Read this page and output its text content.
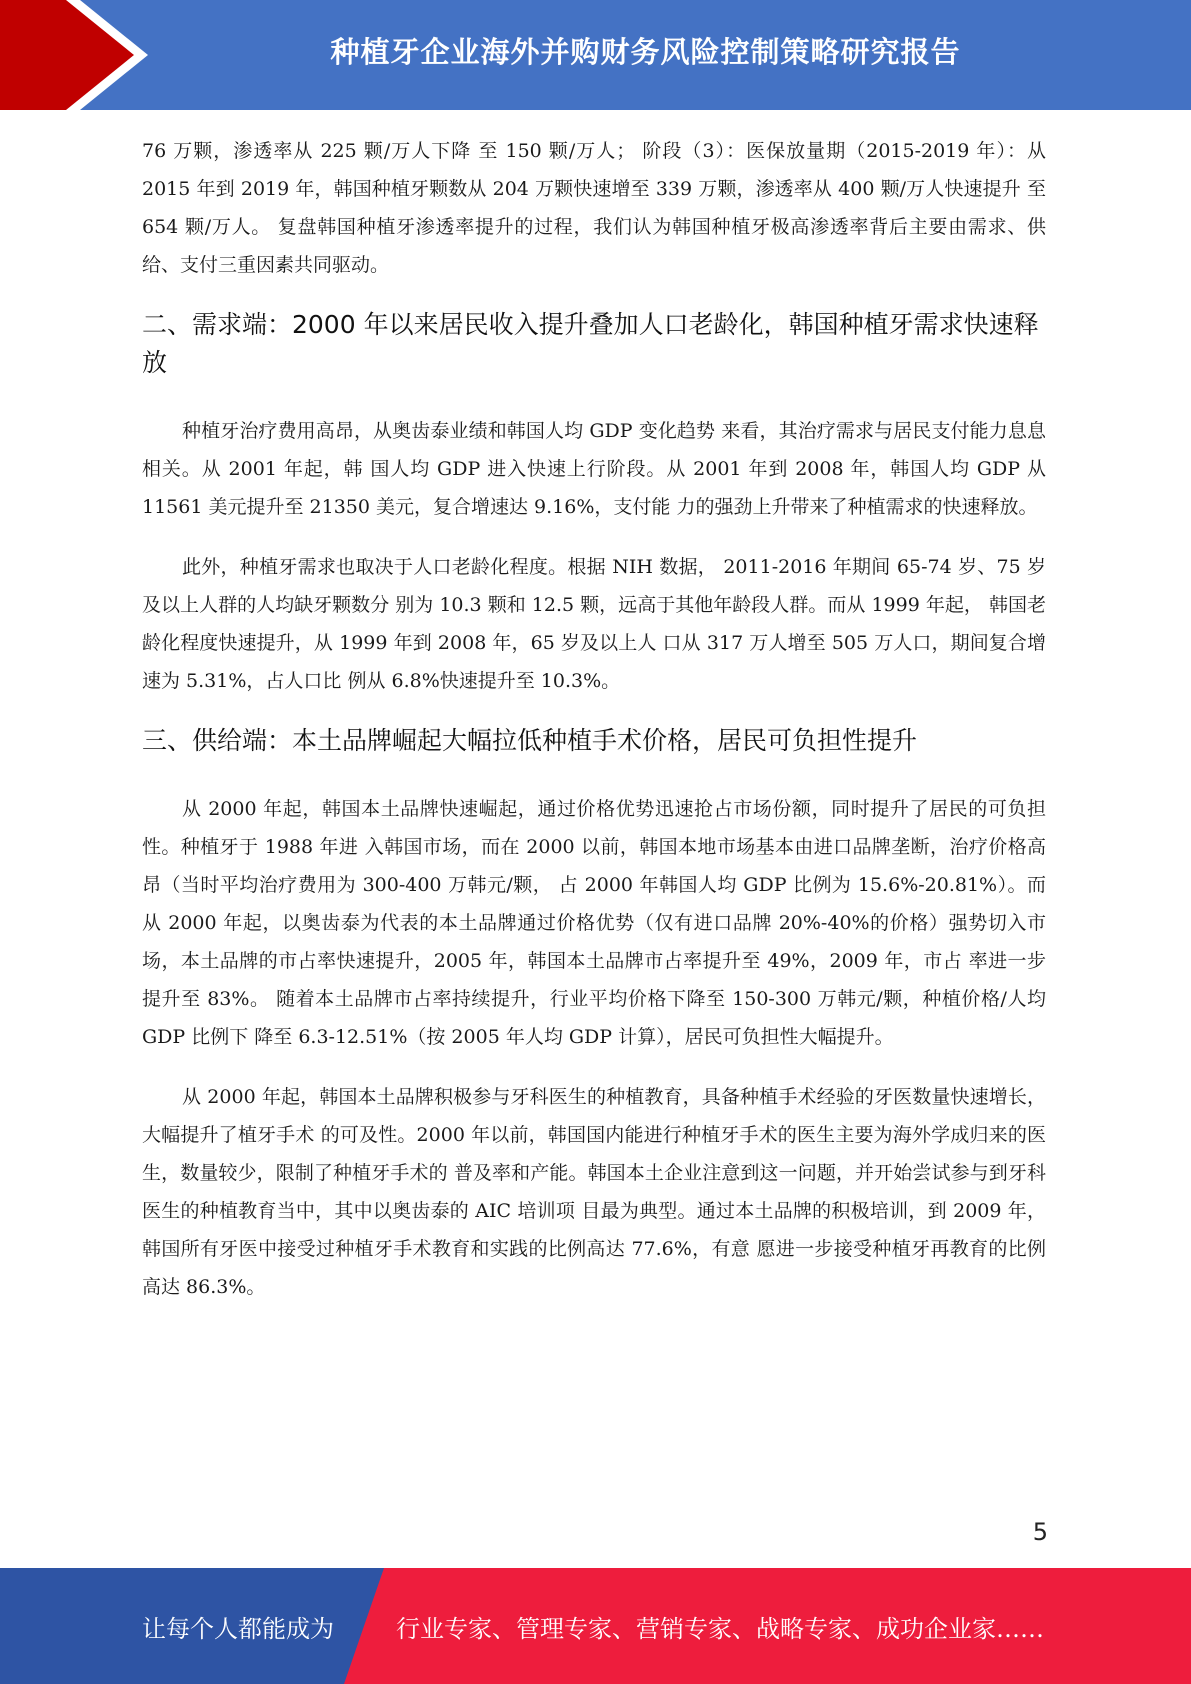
种植牙企业海外并购财务风险控制策略研究报告

76 万颗，渗透率从 225 颗/万人下降 至 150 颗/万人； 阶段（3）：医保放量期（2015-2019 年）：从 2015 年到 2019 年，韩国种植牙颗数从 204 万颗快速增至 339 万颗，渗透率从 400 颗/万人快速提升 至 654 颗/万人。 复盘韩国种植牙渗透率提升的过程，我们认为韩国种植牙极高渗透率背后主要由需求、供给、支付三重因素共同驱动。

二、需求端：2000 年以来居民收入提升叠加人口老龄化，韩国种植牙需求快速释放

种植牙治疗费用高昂，从奥齿泰业绩和韩国人均 GDP 变化趋势 来看，其治疗需求与居民支付能力息息相关。从 2001 年起，韩 国人均 GDP 进入快速上行阶段。从 2001 年到 2008 年，韩国人均 GDP 从 11561 美元提升至 21350 美元，复合增速达 9.16%，支付能 力的强劲上升带来了种植需求的快速释放。

此外，种植牙需求也取决于人口老龄化程度。根据 NIH 数据， 2011-2016 年期间 65-74 岁、75 岁及以上人群的人均缺牙颗数分 别为 10.3 颗和 12.5 颗，远高于其他年龄段人群。而从 1999 年起， 韩国老龄化程度快速提升，从 1999 年到 2008 年，65 岁及以上人 口从 317 万人增至 505 万人口，期间复合增速为 5.31%，占人口比 例从 6.8%快速提升至 10.3%。

三、供给端：本土品牌崛起大幅拉低种植手术价格，居民可负担性提升

从 2000 年起，韩国本土品牌快速崛起，通过价格优势迅速抢占市场份额，同时提升了居民的可负担性。种植牙于 1988 年进 入韩国市场，而在 2000 以前，韩国本地市场基本由进口品牌垄断，治疗价格高昂（当时平均治疗费用为 300-400 万韩元/颗， 占 2000 年韩国人均 GDP 比例为 15.6%-20.81%）。而从 2000 年起，以奥齿泰为代表的本土品牌通过价格优势（仅有进口品牌 20%-40%的价格）强势切入市场，本土品牌的市占率快速提升，2005 年，韩国本土品牌市占率提升至 49%，2009 年，市占 率进一步提升至 83%。 随着本土品牌市占率持续提升，行业平均价格下降至 150-300 万韩元/颗，种植价格/人均 GDP 比例下 降至 6.3-12.51%（按 2005 年人均 GDP 计算），居民可负担性大幅提升。

从 2000 年起，韩国本土品牌积极参与牙科医生的种植教育，具备种植手术经验的牙医数量快速增长，大幅提升了植牙手术 的可及性。2000 年以前，韩国国内能进行种植牙手术的医生主要为海外学成归来的医生，数量较少，限制了种植牙手术的 普及率和产能。韩国本土企业注意到这一问题，并开始尝试参与到牙科医生的种植教育当中，其中以奥齿泰的 AIC 培训项 目最为典型。通过本土品牌的积极培训，到 2009 年，韩国所有牙医中接受过种植牙手术教育和实践的比例高达 77.6%，有意 愿进一步接受种植牙再教育的比例高达 86.3%。

5
让每个人都能成为	行业专家、管理专家、营销专家、战略专家、成功企业家……
